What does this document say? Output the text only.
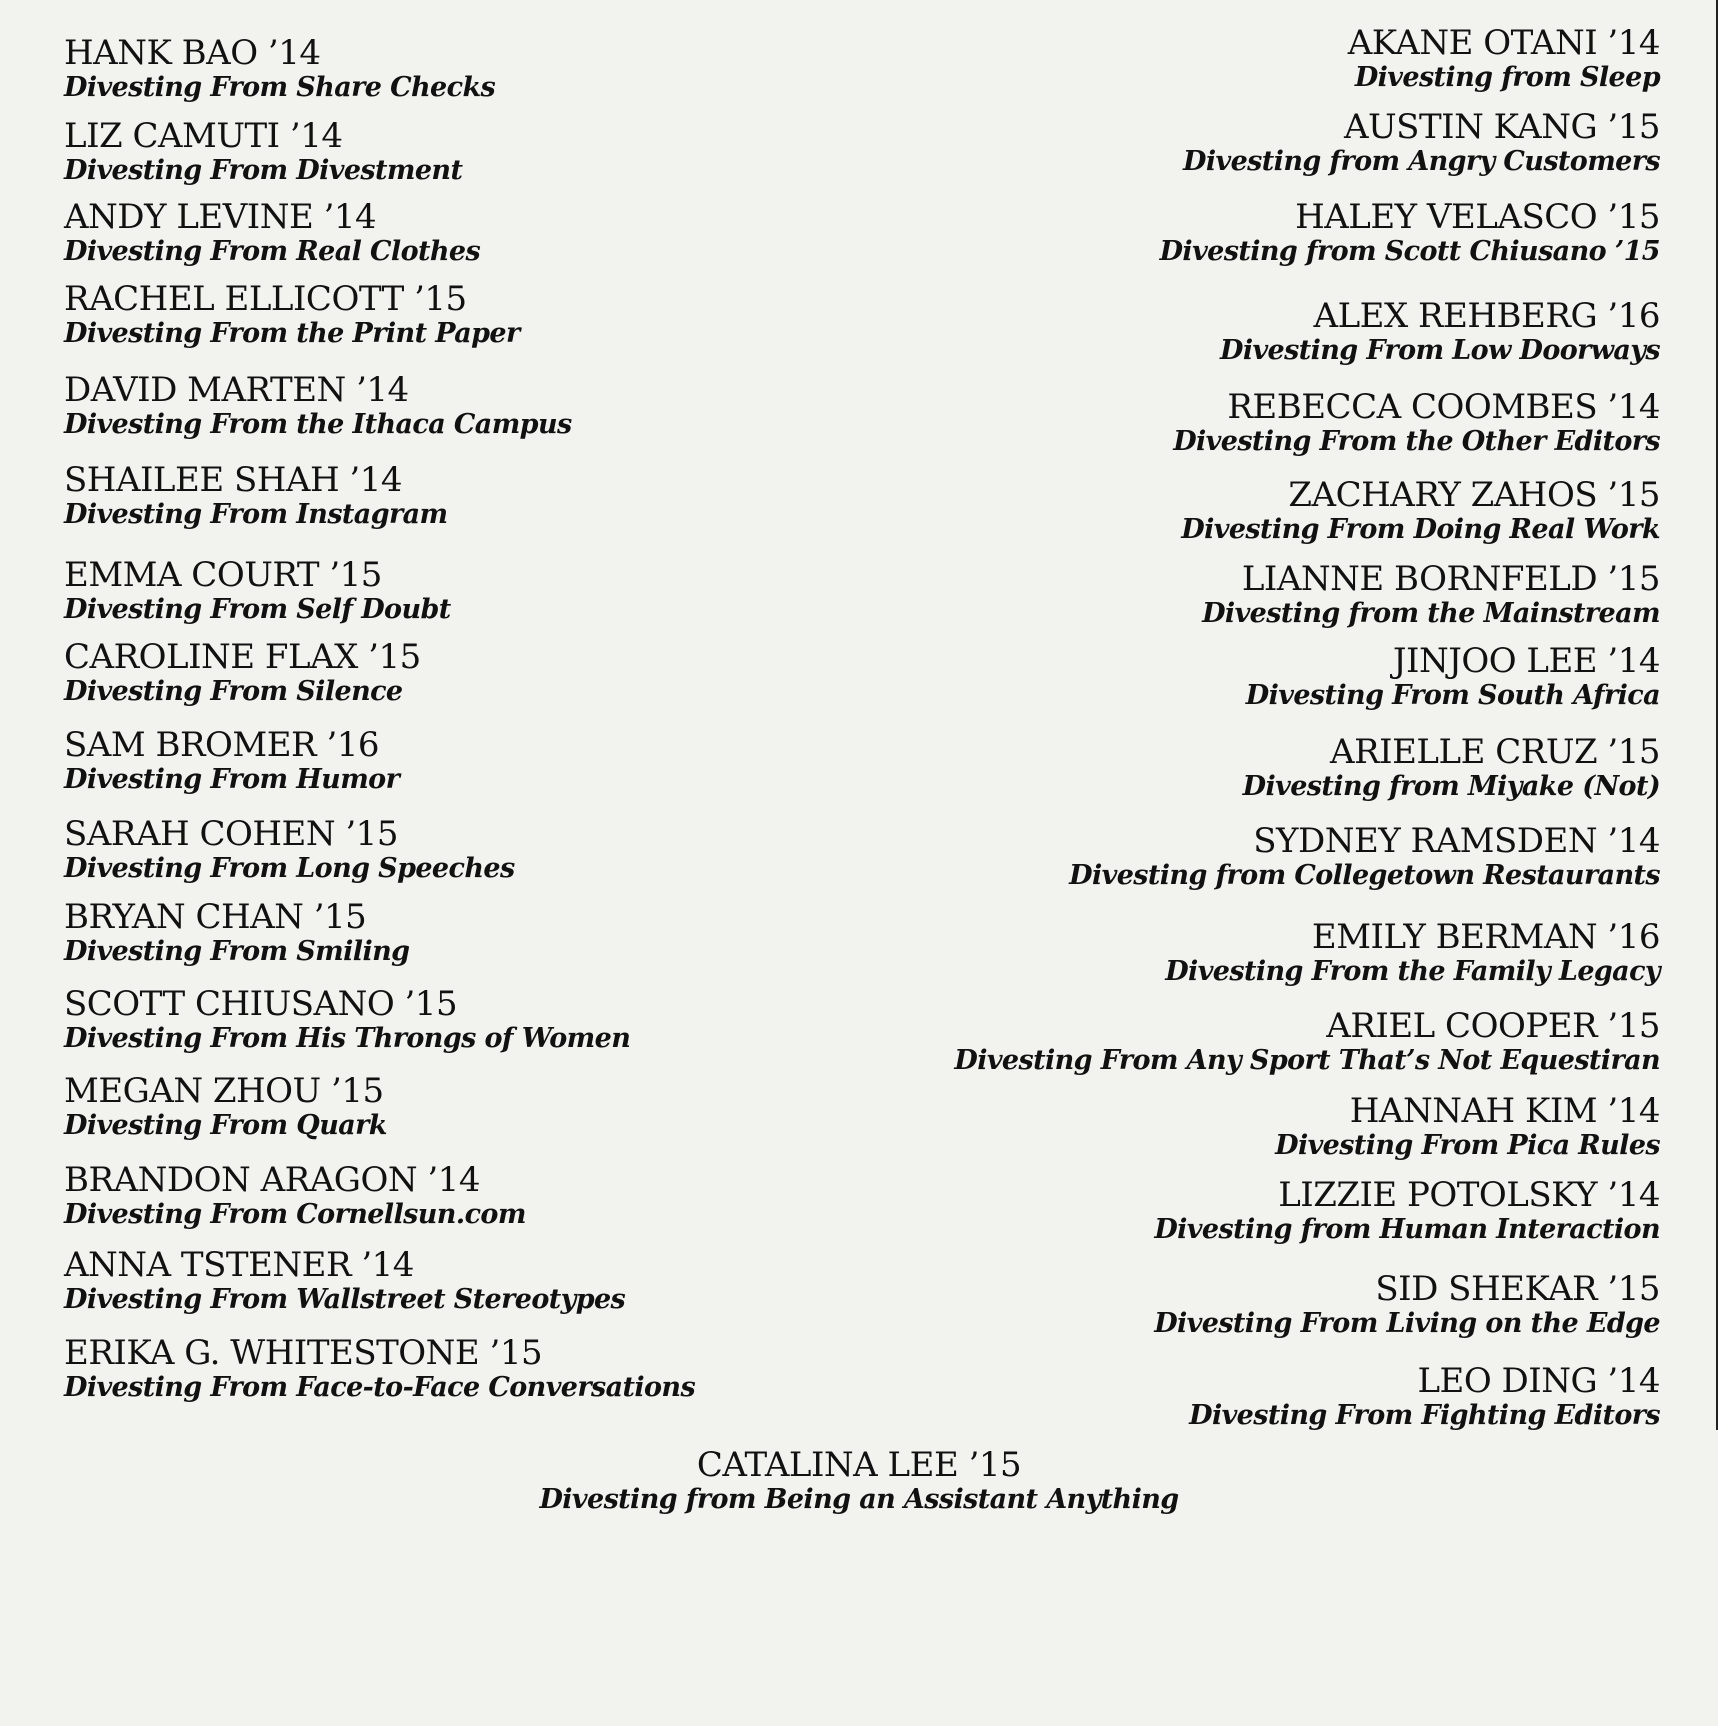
HANK BAO ’14
Divesting From Share Checks
LIZ CAMUTI ’14
Divesting From Divestment
ANDY LEVINE ’14
Divesting From Real Clothes
RACHEL ELLICOTT ’15
Divesting From the Print Paper
DAVID MARTEN ’14
Divesting From the Ithaca Campus
SHAILEE SHAH ’14
Divesting From Instagram
EMMA COURT ’15
Divesting From Self Doubt
CAROLINE FLAX ’15
Divesting From Silence
SAM BROMER ’16
Divesting From Humor
SARAH COHEN ’15
Divesting From Long Speeches
BRYAN CHAN ’15
Divesting From Smiling
SCOTT CHIUSANO ’15
Divesting From His Throngs of Women
MEGAN ZHOU ’15
Divesting From Quark
BRANDON ARAGON ’14
Divesting From Cornellsun.com
ANNA TSTENER ’14
Divesting From Wallstreet Stereotypes
ERIKA G. WHITESTONE ’15
Divesting From Face-to-Face Conversations
AKANE OTANI ’14
Divesting from Sleep
AUSTIN KANG ’15
Divesting from Angry Customers
HALEY VELASCO ’15
Divesting from Scott Chiusano ’15
ALEX REHBERG ’16
Divesting From Low Doorways
REBECCA COOMBES ’14
Divesting From the Other Editors
ZACHARY ZAHOS ’15
Divesting From Doing Real Work
LIANNE BORNFELD ’15
Divesting from the Mainstream
JINJOO LEE ’14
Divesting From South Africa
ARIELLE CRUZ ’15
Divesting from Miyake (Not)
SYDNEY RAMSDEN ’14
Divesting from Collegetown Restaurants
EMILY BERMAN ’16
Divesting From the Family Legacy
ARIEL COOPER ’15
Divesting From Any Sport That’s Not Equestiran
HANNAH KIM ’14
Divesting From Pica Rules
LIZZIE POTOLSKY ’14
Divesting from Human Interaction
SID SHEKAR ’15
Divesting From Living on the Edge
LEO DING ’14
Divesting From Fighting Editors
CATALINA LEE ’15
Divesting from Being an Assistant Anything
